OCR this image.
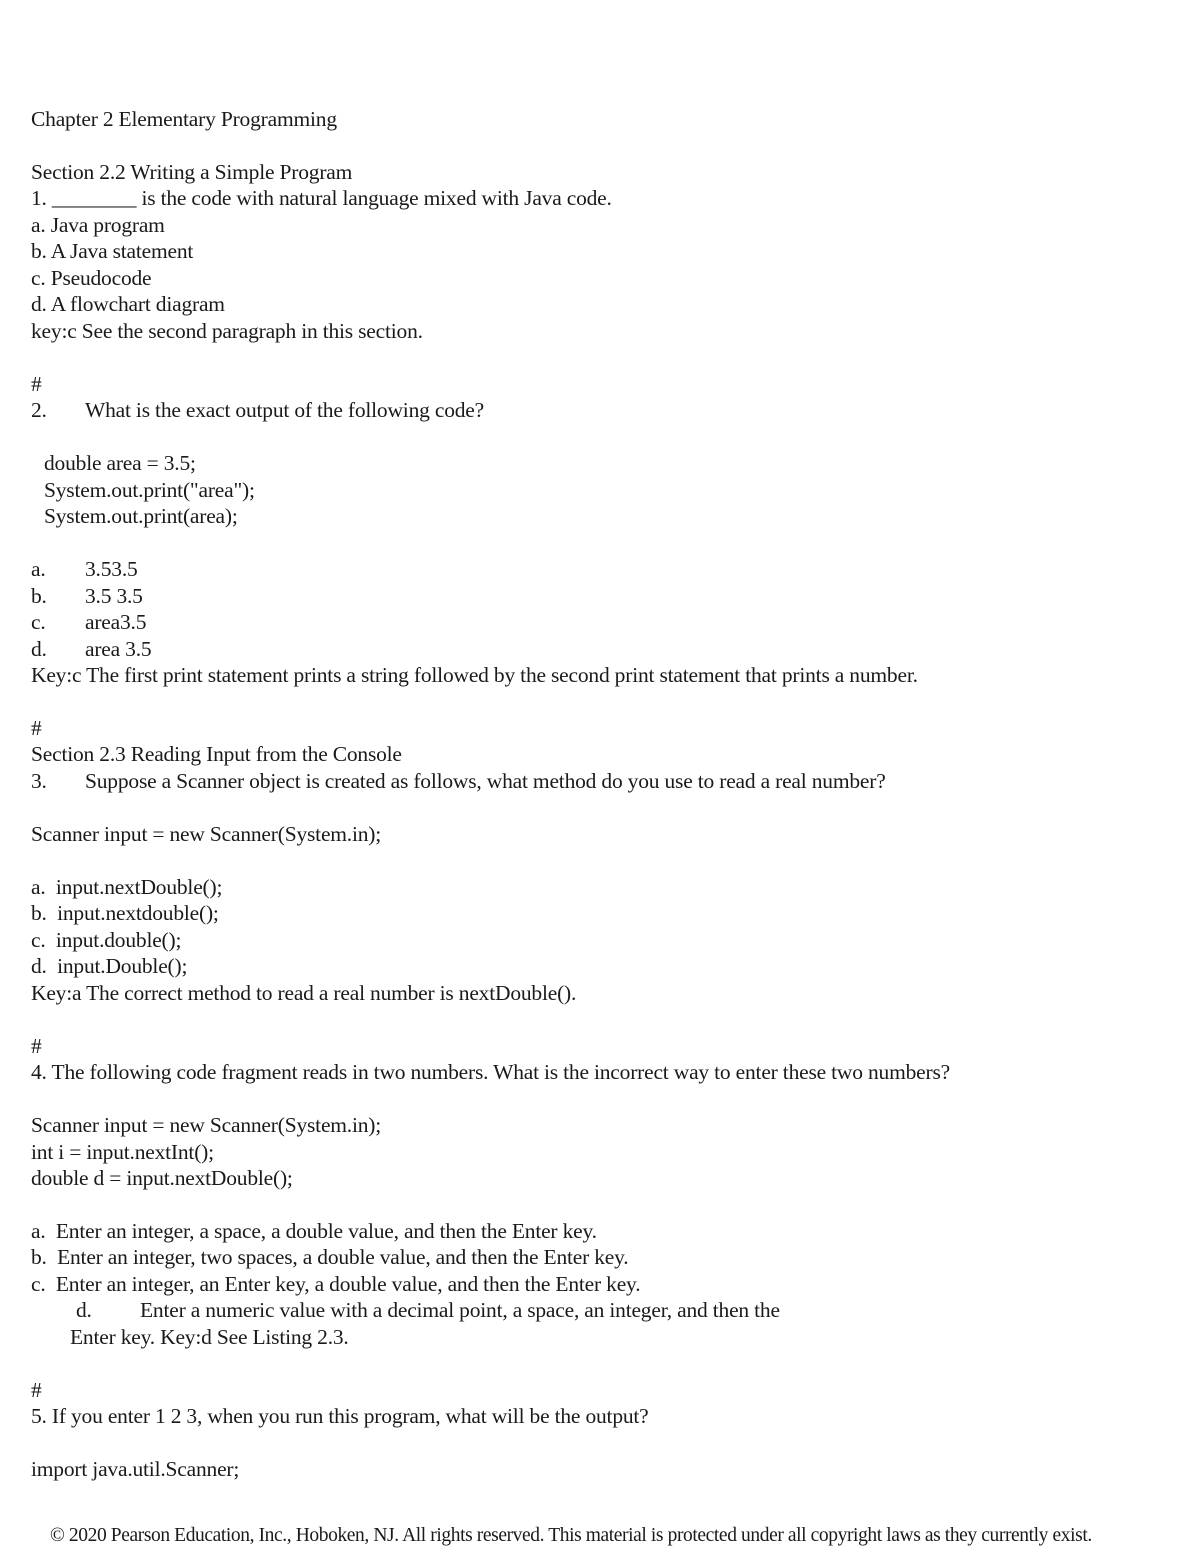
Chapter 2 Elementary Programming
Section 2.2 Writing a Simple Program
1. ________ is the code with natural language mixed with Java code.
a. Java program
b. A Java statement
c. Pseudocode
d. A flowchart diagram
key:c See the second paragraph in this section.
#
2. What is the exact output of the following code?
double area = 3.5;
System.out.print("area");
System.out.print(area);
a. 3.53.5
b. 3.5 3.5
c. area3.5
d. area 3.5
Key:c The first print statement prints a string followed by the second print statement that prints a number.
#
Section 2.3 Reading Input from the Console
3. Suppose a Scanner object is created as follows, what method do you use to read a real number?
Scanner input = new Scanner(System.in);
a.  input.nextDouble();
b.  input.nextdouble();
c.  input.double();
d.  input.Double();
Key:a The correct method to read a real number is nextDouble().
#
4. The following code fragment reads in two numbers. What is the incorrect way to enter these two numbers?
Scanner input = new Scanner(System.in);
int i = input.nextInt();
double d = input.nextDouble();
a.  Enter an integer, a space, a double value, and then the Enter key.
b.  Enter an integer, two spaces, a double value, and then the Enter key.
c.  Enter an integer, an Enter key, a double value, and then the Enter key.
d. Enter a numeric value with a decimal point, a space, an integer, and then the
Enter key. Key:d See Listing 2.3.
#
5. If you enter 1 2 3, when you run this program, what will be the output?
import java.util.Scanner;
© 2020 Pearson Education, Inc., Hoboken, NJ. All rights reserved. This material is protected under all copyright laws as they currently exist.
